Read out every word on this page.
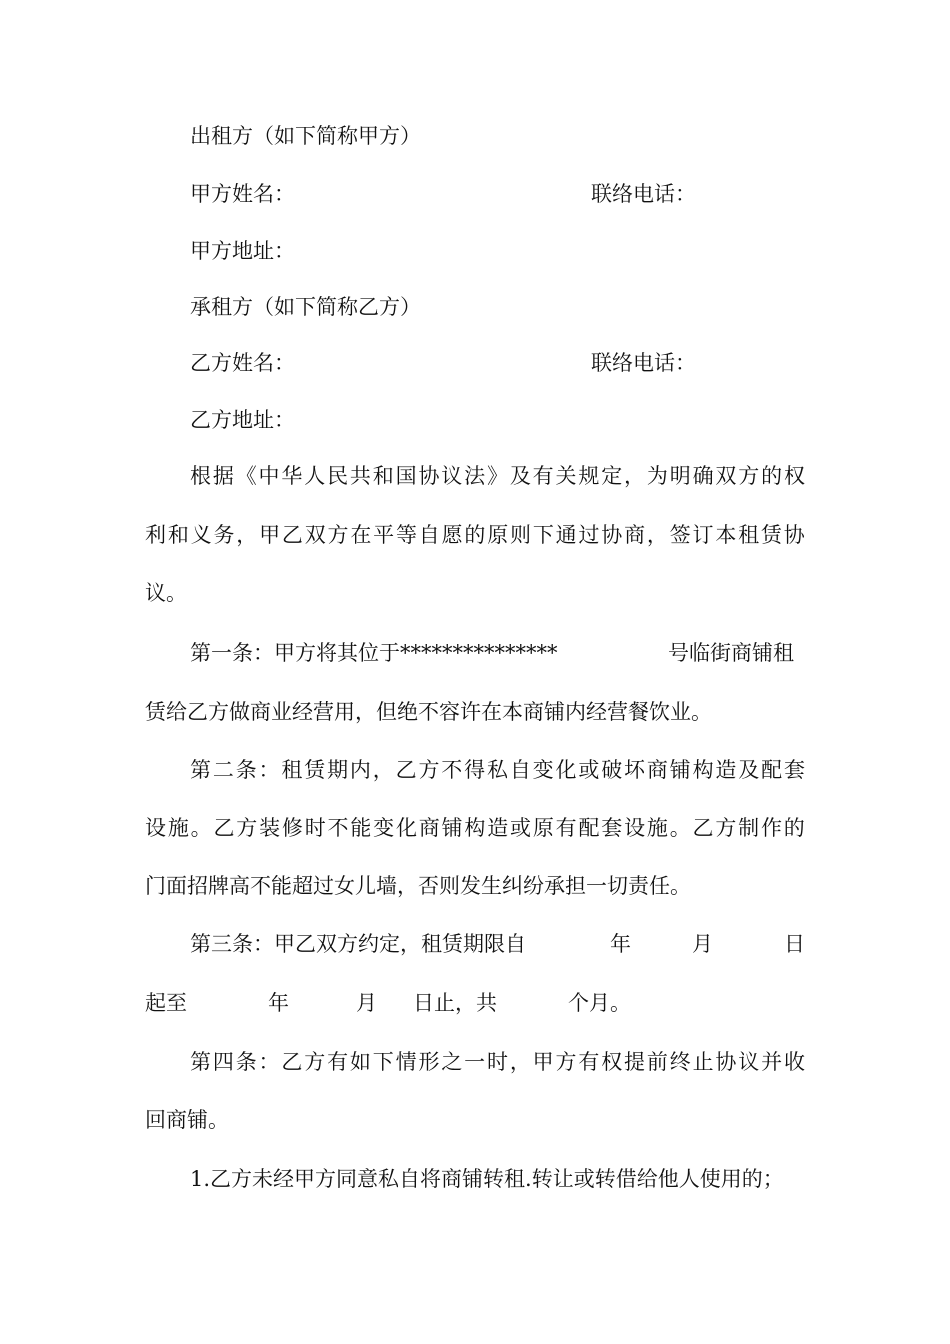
出租方（如下简称甲方）
甲方姓名：	联络电话：
甲方地址：
承租方（如下简称乙方）
乙方姓名：	联络电话：
乙方地址：
根 据 《 中 华 人 民 共 和 国 协 议 法 》 及 有 关 规 定 ， 为 明 确 双 方 的 权
利 和 义 务 ， 甲 乙 双 方 在 平 等 自 愿 的 原 则 下 通 过 协 商 ， 签 订 本 租 赁 协
议。
第一条：甲方将其位于***************	号临街商铺租
赁给乙方做商业经营用，但绝不容许在本商铺内经营餐饮业。
第 二 条 ： 租 赁 期 内 ， 乙 方 不 得 私 自 变 化 或 破 坏 商 铺 构 造 及 配 套
设 施 。 乙 方 装 修 时 不 能 变 化 商 铺 构 造 或 原 有 配 套 设 施 。 乙 方 制 作 的
门面招牌高不能超过女儿墙，否则发生纠纷承担一切责任。
第三条：甲乙双方约定，租赁期限自	年	月	日
起至	年	月 日止，共	个月。
第 四 条 ： 乙 方 有 如 下 情 形 之 一 时 ， 甲 方 有 权 提 前 终 止 协 议 并 收
回商铺。
1.乙方未经甲方同意私自将商铺转租.转让或转借给他人使用的；
